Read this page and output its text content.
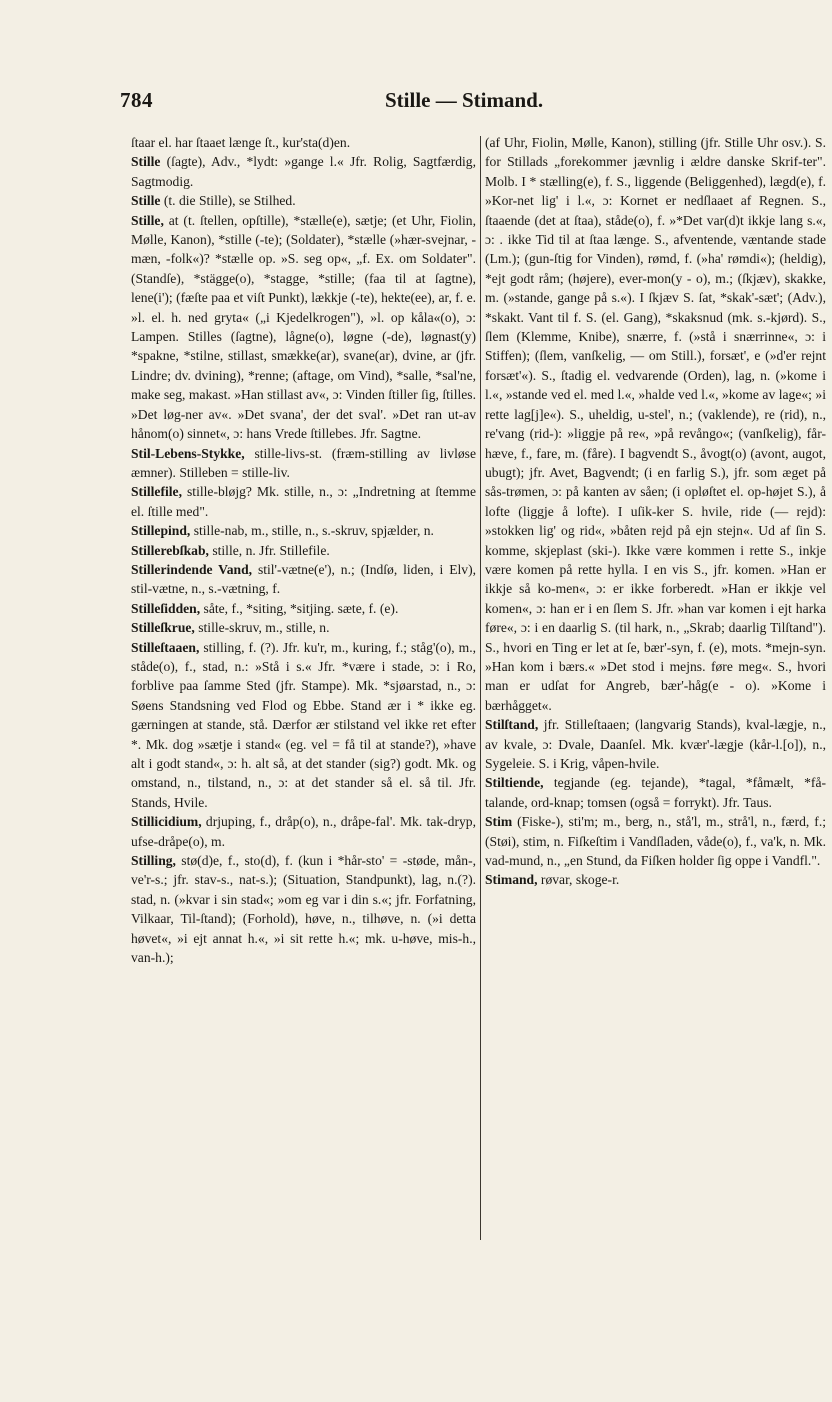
784	Stille — Stimand.

ſtaar el. har ſtaaet længe ſt., kur'sta(d)en.

Stille (ſagte), Adv., *lydt: »gange l.« Jfr. Rolig, Sagtfærdig, Sagtmodig.

Stille (t. die Stille), se Stilhed.

Stille, at (t. ſtellen, opſtille), *stælle(e), sætje; (et Uhr, Fiolin, Mølle, Kanon), *stille (-te); (Soldater), *stælle (»hær-svejnar, -mæn, -folk«)? *stælle op. »S. seg op«, „f. Ex. om Soldater". (Standſe), *stägge(o), *stagge, *stille; (faa til at ſagtne), lene(i'); (fæſte paa et viſt Punkt), lækkje (-te), hekte(ee), ar, f. e. »l. el. h. ned gryta« („i Kjedelkrogen"), »l. op kåla«(o), ɔ: Lampen. Stilles (ſagtne), lågne(o), løgne (-de), løgnast(y) *spakne, *stilne, stillast, smække(ar), svane(ar), dvine, ar (jfr. Lindre; dv. dvining), *renne; (aftage, om Vind), *salle, *sal'ne, make seg, makast. »Han stillast av«, ɔ: Vinden ſtiller ſig, ſtilles. »Det løg-ner av«. »Det svana', der det sval'. »Det ran ut-av hånom(o) sinnet«, ɔ: hans Vrede ſtillebes. Jfr. Sagtne.

Stil-Lebens-Stykke, stille-livs-st. (fræm-stilling av livløse æmner). Stilleben = stille-liv.

Stillefile, stille-bløjg? Mk. stille, n., ɔ: „Indretning at ſtemme el. ſtille med".

Stillepind, stille-nab, m., stille, n., s.-skruv, spjælder, n.

Stillerebſkab, stille, n. Jfr. Stillefile.

Stillerindende Vand, stil'-vætne(e'), n.; (Indſø, liden, i Elv), stil-vætne, n., s.-vætning, f.

Stilleſidden, såte, f., *siting, *sitjing. sæte, f. (e).

Stilleſkrue, stille-skruv, m., stille, n.

Stilleſtaaen, stilling, f. (?). Jfr. ku'r, m., kuring, f.; ståg'(o), m., ståde(o), f., stad, n.: »Stå i s.« Jfr. *være i stade, ɔ: i Ro, forblive paa ſamme Sted (jfr. Stampe). Mk. *sjøarstad, n., ɔ: Søens Standsning ved Flod og Ebbe. Stand ær i * ikke eg. gærningen at stande, stå. Dærfor ær stilstand vel ikke ret efter *. Mk. dog »sætje i stand« (eg. vel = få til at stande?), »have alt i godt stand«, ɔ: h. alt så, at det stander (sig?) godt. Mk. og omstand, n., tilstand, n., ɔ: at det stander så el. så til. Jfr. Stands, Hvile.

Stillicidium, drjuping, f., dråp(o), n., dråpe-fal'. Mk. tak-dryp, ufse-dråpe(o), m.

Stilling, stø(d)e, f., sto(d), f. (kun i *hår-sto' = -støde, mån-, ve'r-s.; jfr. stav-s., nat-s.); (Situation, Standpunkt), lag, n.(?). stad, n. (»kvar i sin stad«; »om eg var i din s.«; jfr. Forfatning, Vilkaar, Til-ſtand); (Forhold), høve, n., tilhøve, n. (»i detta høvet«, »i ejt annat h.«, »i sit rette h.«; mk. u-høve, mis-h., van-h.);

(af Uhr, Fiolin, Mølle, Kanon), stilling (jfr. Stille Uhr osv.). S. for Stillads „forekommer jævnlig i ældre danske Skrif-ter". Molb. I * stælling(e), f. S., liggende (Beliggenhed), lægd(e), f. »Kor-net lig' i l.«, ɔ: Kornet er nedſlaaet af Regnen. S., ſtaaende (det at ſtaa), ståde(o), f. »*Det var(d)t ikkje lang s.«, ɔ: . ikke Tid til at ſtaa længe. S., afventende, væntande stade (Lm.); (gun-ſtig for Vinden), rømd, f. (»ha' rømdi«); (heldig), *ejt godt råm; (højere), ever-mon(y - o), m.; (ſkjæv), skakke, m. (»stande, gange på s.«). I ſkjæv S. ſat, *skak'-sæt'; (Adv.), *skakt. Vant til f. S. (el. Gang), *skaksnud (mk. s.-kjørd). S., ſlem (Klemme, Knibe), snærre, f. (»stå i snærrinne«, ɔ: i Stiffen); (ſlem, vanſkelig, — om Still.), forsæt', e (»d'er rejnt forsæt'«). S., ſtadig el. vedvarende (Orden), lag, n. (»kome i l.«, »stande ved el. med l.«, »halde ved l.«, »kome av lage«; »i rette lag[j]e«). S., uheldig, u-stel', n.; (vaklende), re (rid), n., re'vang (rid-): »liggje på re«, »på revångo«; (vanſkelig), får-hæve, f., fare, m. (fåre). I bagvendt S., åvogt(o) (avont, augot, ubugt); jfr. Avet, Bagvendt; (i en farlig S.), jfr. som æget på sås-trømen, ɔ: på kanten av såen; (i opløſtet el. op-højet S.), å lofte (liggje å lofte). I uſik-ker S. hvile, ride (— rejd): »stokken lig' og rid«, »båten rejd på ejn stejn«. Ud af ſin S. komme, skjeplast (ski-). Ikke være kommen i rette S., inkje være komen på rette hylla. I en vis S., jfr. komen. »Han er ikkje så ko-men«, ɔ: er ikke forberedt. »Han er ikkje vel komen«, ɔ: han er i en ſlem S. Jfr. »han var komen i ejt harka føre«, ɔ: i en daarlig S. (til hark, n., „Skrab; daarlig Tilſtand"). S., hvori en Ting er let at ſe, bær'-syn, f. (e), mots. *mejn-syn. »Han kom i bærs.« »Det stod i mejns. føre meg«. S., hvori man er udſat for Angreb, bær'-håg(e - o). »Kome i bærhågget«.

Stilſtand, jfr. Stilleſtaaen; (langvarig Stands), kval-lægje, n., av kvale, ɔ: Dvale, Daanſel. Mk. kvær'-lægje (kår-l.[o]), n., Sygeleie. S. i Krig, våpen-hvile.

Stiltiende, tegjande (eg. tejande), *tagal, *fåmælt, *få-talande, ord-knap; tomsen (også = forrykt). Jfr. Taus.

Stim (Fiske-), sti'm; m., berg, n., stå'l, m., strå'l, n., færd, f.; (Støi), stim, n. Fiſkeſtim i Vandſladen, våde(o), f., va'k, n. Mk. vad-mund, n., „en Stund, da Fiſken holder ſig oppe i Vandfl.".

Stimand, røvar, skoge-r.
